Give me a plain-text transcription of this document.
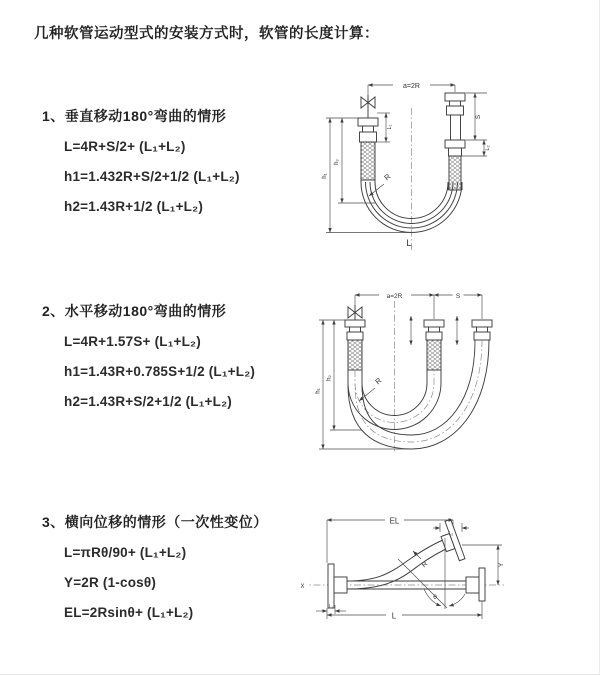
几种软管运动型式的安装方式时，软管的长度计算：
1、垂直移动180°弯曲的情形
L=4R+S/2+ (L₁+L₂)
h1=1.432R+S/2+1/2 (L₁+L₂)
h2=1.43R+1/2 (L₁+L₂)
2、水平移动180°弯曲的情形
L=4R+1.57S+ (L₁+L₂)
h1=1.43R+0.785S+1/2 (L₁+L₂)
h2=1.43R+S/2+1/2 (L₁+L₂)
3、横向位移的情形（一次性变位）
L=πRθ/90+ (L₁+L₂)
Y=2R (1-cosθ)
EL=2Rsinθ+ (L₁+L₂)
a=2R
S
L₂
L₁
h₂
h₁	R
L
a=2R	S
h₂
h₁
R
X
θ
R
EL
L₂
Y
L
L₁
